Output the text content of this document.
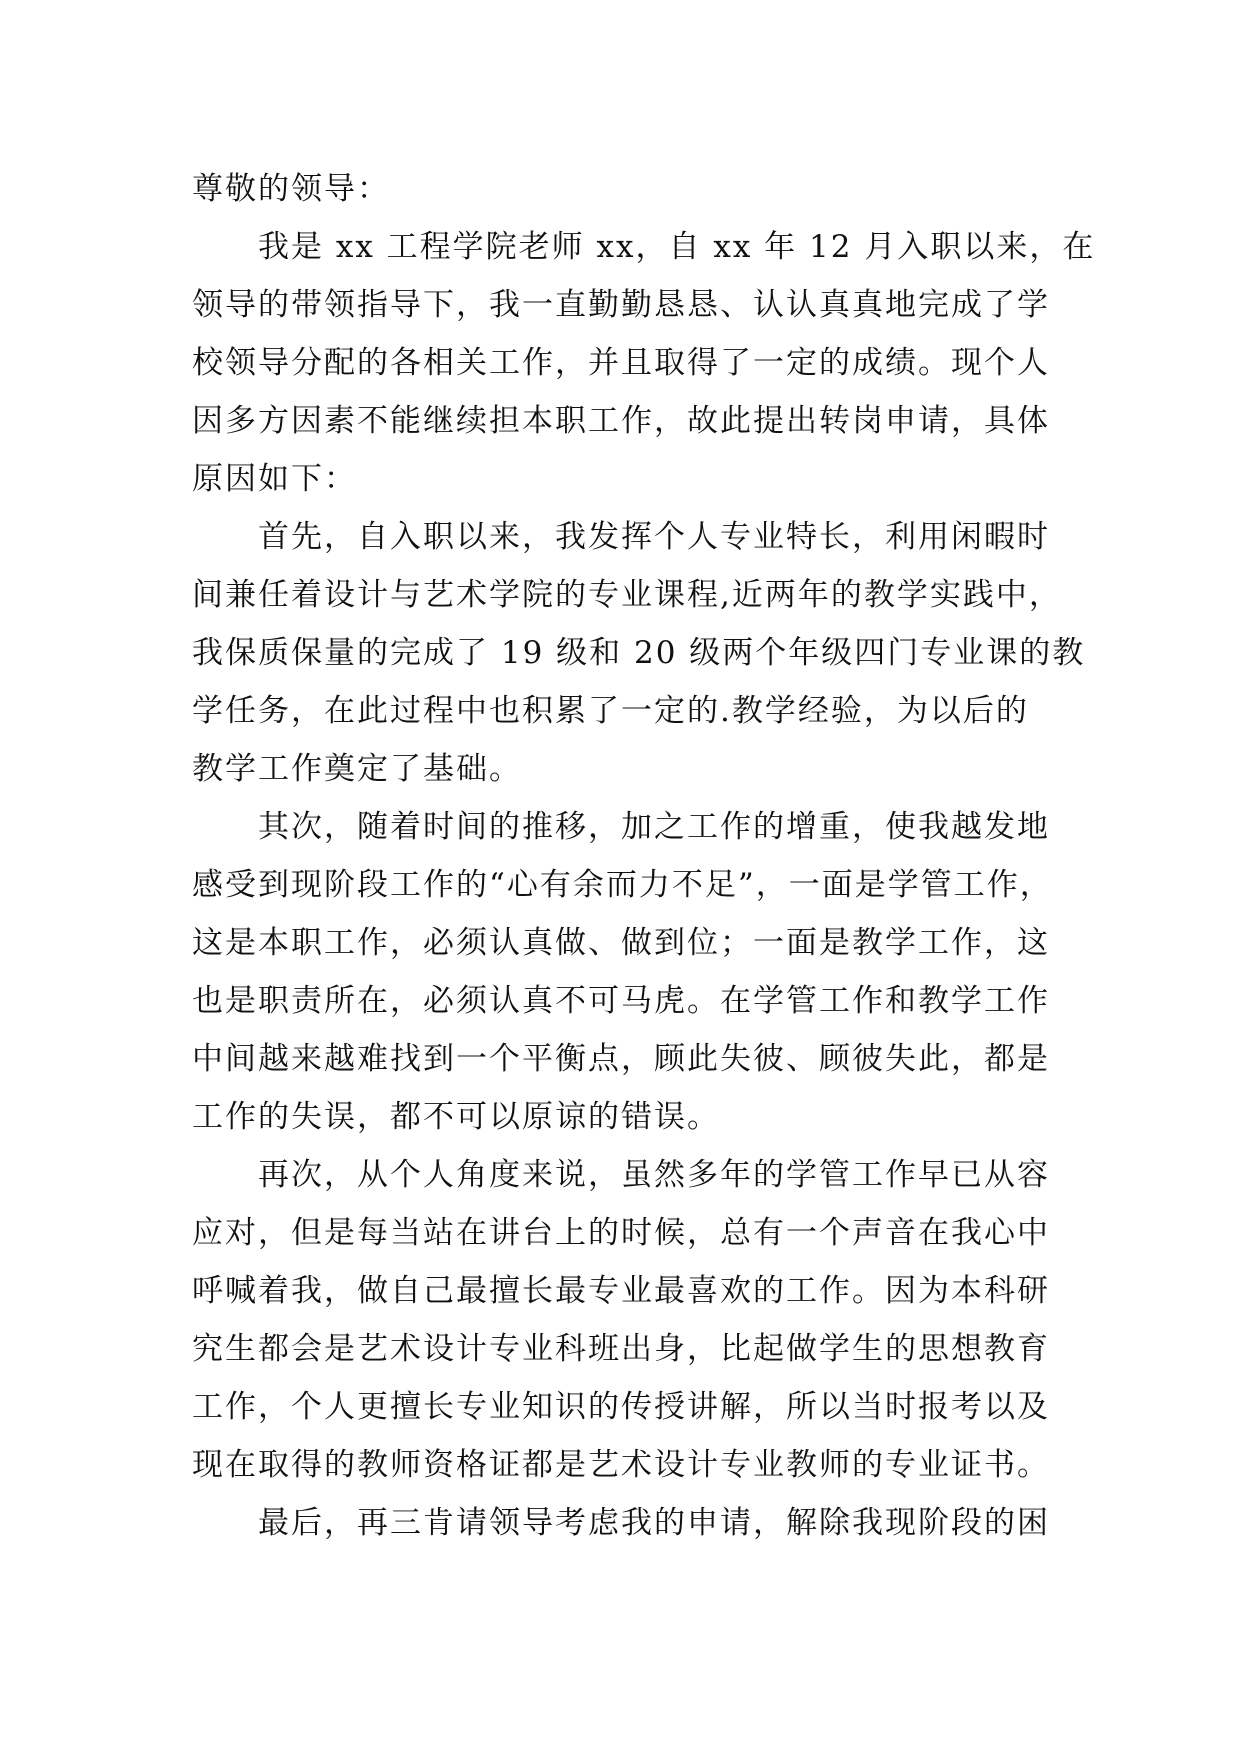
尊敬的领导：
我是 xx 工程学院老师 xx，自 xx 年 12 月入职以来，在
领导的带领指导下，我一直勤勤恳恳、认认真真地完成了学
校领导分配的各相关工作，并且取得了一定的成绩。现个人
因多方因素不能继续担本职工作，故此提出转岗申请，具体
原因如下：
首先，自入职以来，我发挥个人专业特长，利用闲暇时
间兼任着设计与艺术学院的专业课程,近两年的教学实践中，
我保质保量的完成了 19 级和 20 级两个年级四门专业课的教
学任务，在此过程中也积累了一定的.教学经验，为以后的
教学工作奠定了基础。
其次，随着时间的推移，加之工作的增重，使我越发地
感受到现阶段工作的“心有余而力不足”，一面是学管工作，
这是本职工作，必须认真做、做到位；一面是教学工作，这
也是职责所在，必须认真不可马虎。在学管工作和教学工作
中间越来越难找到一个平衡点，顾此失彼、顾彼失此，都是
工作的失误，都不可以原谅的错误。
再次，从个人角度来说，虽然多年的学管工作早已从容
应对，但是每当站在讲台上的时候，总有一个声音在我心中
呼喊着我，做自己最擅长最专业最喜欢的工作。因为本科研
究生都会是艺术设计专业科班出身，比起做学生的思想教育
工作，个人更擅长专业知识的传授讲解，所以当时报考以及
现在取得的教师资格证都是艺术设计专业教师的专业证书。
最后，再三肯请领导考虑我的申请，解除我现阶段的困
